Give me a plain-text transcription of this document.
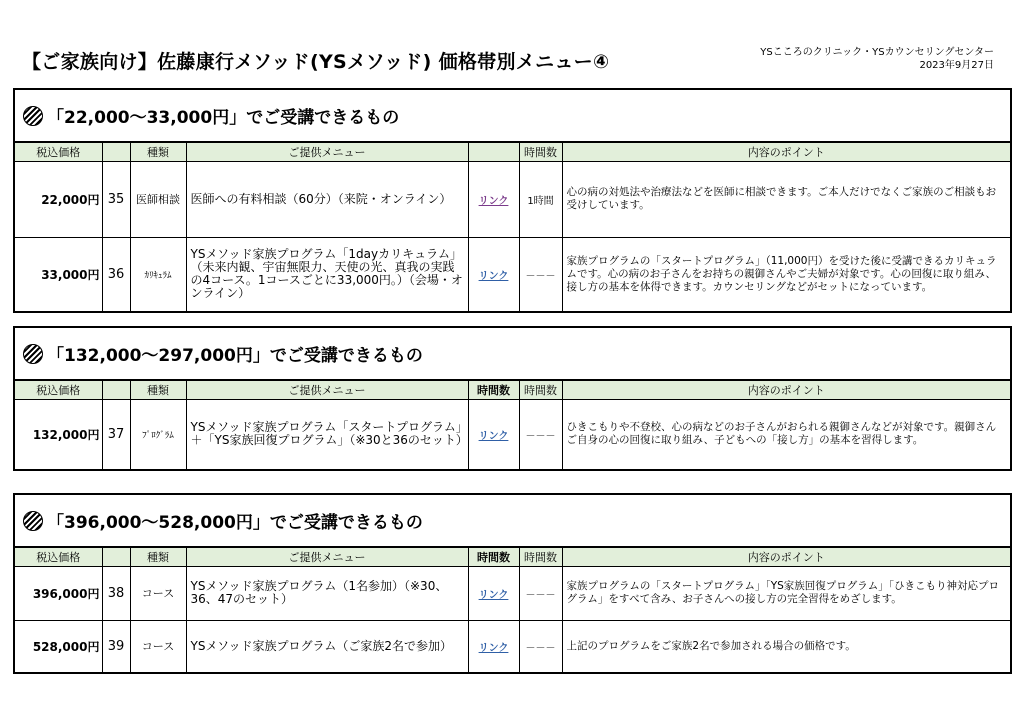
【ご家族向け】佐藤康行メソッド(YSメソッド) 価格帯別メニュー④	YSこころのクリニック・YSカウンセリングセンター
2023年9月27日
「22,000～33,000円」でご受講できるもの
税込価格		種類	ご提供メニュー		時間数	内容のポイント
22,000円	35	医師相談	医師への有料相談（60分）（来院・オンライン）	リンク	1時間	心の病の対処法や治療法などを医師に相談できます。ご本人だけでなくご家族のご相談もお受けしています。
33,000円	36	ｶﾘｷｭﾗﾑ	YSメソッド家族プログラム「1dayカリキュラム」（未来内観、宇宙無限力、天使の光、真我の実践の4コース。1コースごとに33,000円。）（会場・オンライン）	リンク	－－－	家族プログラムの「スタートプログラム」（11,000円）を受けた後に受講できるカリキュラムです。心の病のお子さんをお持ちの親御さんやご夫婦が対象です。心の回復に取り組み、接し方の基本を体得できます。カウンセリングなどがセットになっています。
「132,000～297,000円」でご受講できるもの
税込価格		種類	ご提供メニュー	時間数	時間数	内容のポイント
132,000円	37	ﾌﾟﾛｸﾞﾗﾑ	YSメソッド家族プログラム「スタートプログラム」＋「YS家族回復プログラム」（※30と36のセット）	リンク	－－－	ひきこもりや不登校、心の病などのお子さんがおられる親御さんなどが対象です。親御さんご自身の心の回復に取り組み、子どもへの「接し方」の基本を習得します。
「396,000～528,000円」でご受講できるもの
税込価格		種類	ご提供メニュー	時間数	時間数	内容のポイント
396,000円	38	コース	YSメソッド家族プログラム（1名参加）（※30、36、47のセット）	リンク	－－－	家族プログラムの「スタートプログラム」「YS家族回復プログラム」「ひきこもり神対応プログラム」をすべて含み、お子さんへの接し方の完全習得をめざします。
528,000円	39	コース	YSメソッド家族プログラム（ご家族2名で参加）	リンク	－－－	上記のプログラムをご家族2名で参加される場合の価格です。
